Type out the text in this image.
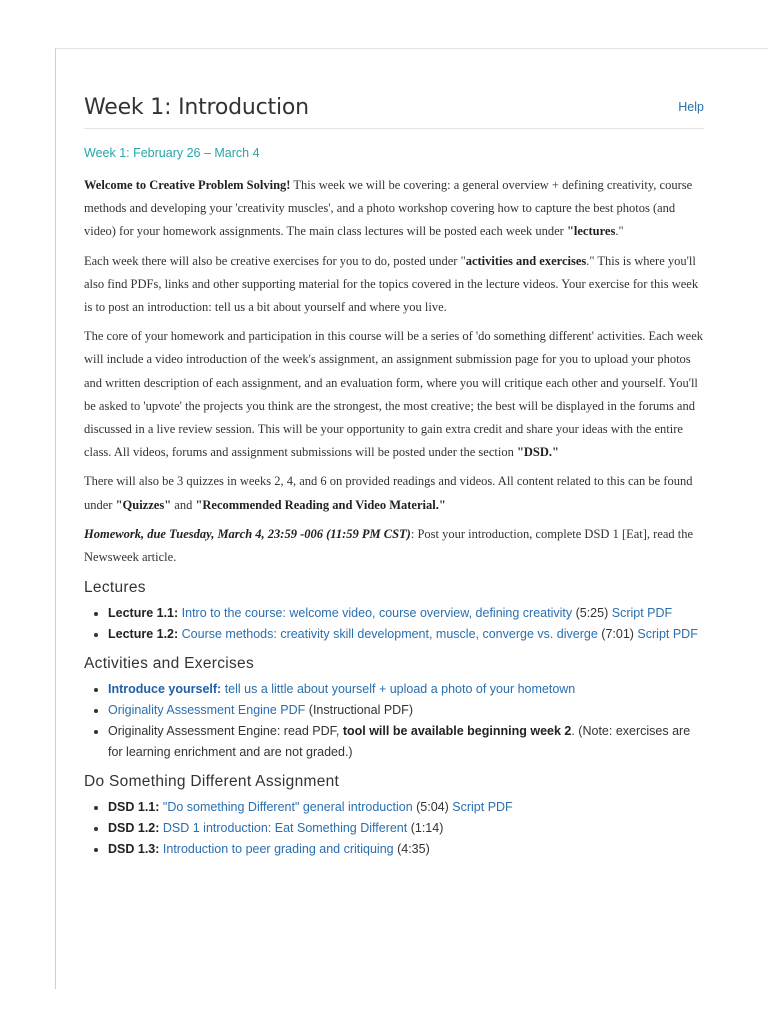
Week 1: Introduction	Help
Week 1: February 26 – March 4

Welcome to Creative Problem Solving! This week we will be covering: a general overview + defining creativity, course methods and developing your 'creativity muscles', and a photo workshop covering how to capture the best photos (and video) for your homework assignments. The main class lectures will be posted each week under "lectures."

Each week there will also be creative exercises for you to do, posted under "activities and exercises." This is where you'll also find PDFs, links and other supporting material for the topics covered in the lecture videos. Your exercise for this week is to post an introduction: tell us a bit about yourself and where you live.

The core of your homework and participation in this course will be a series of 'do something different' activities. Each week will include a video introduction of the week's assignment, an assignment submission page for you to upload your photos and written description of each assignment, and an evaluation form, where you will critique each other and yourself. You'll be asked to 'upvote' the projects you think are the strongest, the most creative; the best will be displayed in the forums and discussed in a live review session. This will be your opportunity to gain extra credit and share your ideas with the entire class. All videos, forums and assignment submissions will be posted under the section "DSD."

There will also be 3 quizzes in weeks 2, 4, and 6 on provided readings and videos. All content related to this can be found under "Quizzes" and "Recommended Reading and Video Material."

Homework, due Tuesday, March 4, 23:59 -006 (11:59 PM CST): Post your introduction, complete DSD 1 [Eat], read the Newsweek article.

Lectures
• Lecture 1.1: Intro to the course: welcome video, course overview, defining creativity (5:25) Script PDF
• Lecture 1.2: Course methods: creativity skill development, muscle, converge vs. diverge (7:01) Script PDF
Activities and Exercises
• Introduce yourself: tell us a little about yourself + upload a photo of your hometown
• Originality Assessment Engine PDF (Instructional PDF)
• Originality Assessment Engine: read PDF, tool will be available beginning week 2. (Note: exercises are for learning enrichment and are not graded.)
Do Something Different Assignment
• DSD 1.1: "Do something Different" general introduction (5:04) Script PDF
• DSD 1.2: DSD 1 introduction: Eat Something Different (1:14)
• DSD 1.3: Introduction to peer grading and critiquing (4:35)
